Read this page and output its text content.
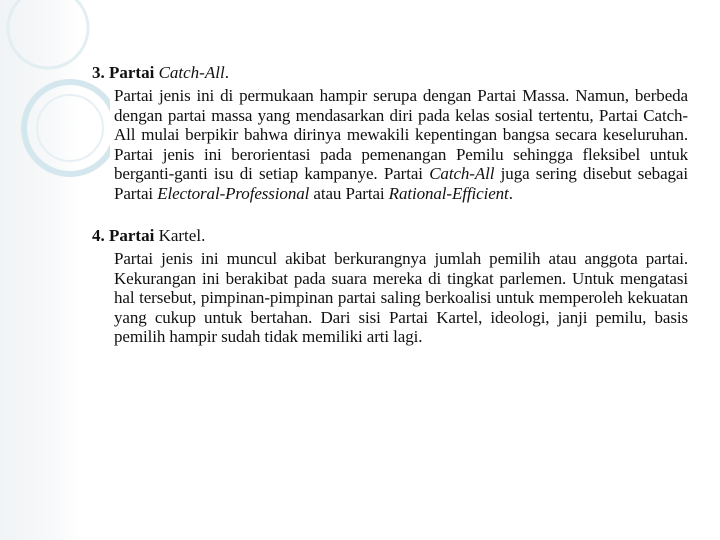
3. Partai Catch-All.

Partai jenis ini di permukaan hampir serupa dengan Partai Massa. Namun, berbeda dengan partai massa yang mendasarkan diri pada kelas sosial tertentu, Partai Catch-All mulai berpikir bahwa dirinya mewakili kepentingan bangsa secara keseluruhan. Partai jenis ini berorientasi pada pemenangan Pemilu sehingga fleksibel untuk berganti-ganti isu di setiap kampanye. Partai Catch-All juga sering disebut sebagai Partai Electoral-Professional atau Partai Rational-Efficient.

4. Partai Kartel.

Partai jenis ini muncul akibat berkurangnya jumlah pemilih atau anggota partai. Kekurangan ini berakibat pada suara mereka di tingkat parlemen. Untuk mengatasi hal tersebut, pimpinan-pimpinan partai saling berkoalisi untuk memperoleh kekuatan yang cukup untuk bertahan. Dari sisi Partai Kartel, ideologi, janji pemilu, basis pemilih hampir sudah tidak memiliki arti lagi.
